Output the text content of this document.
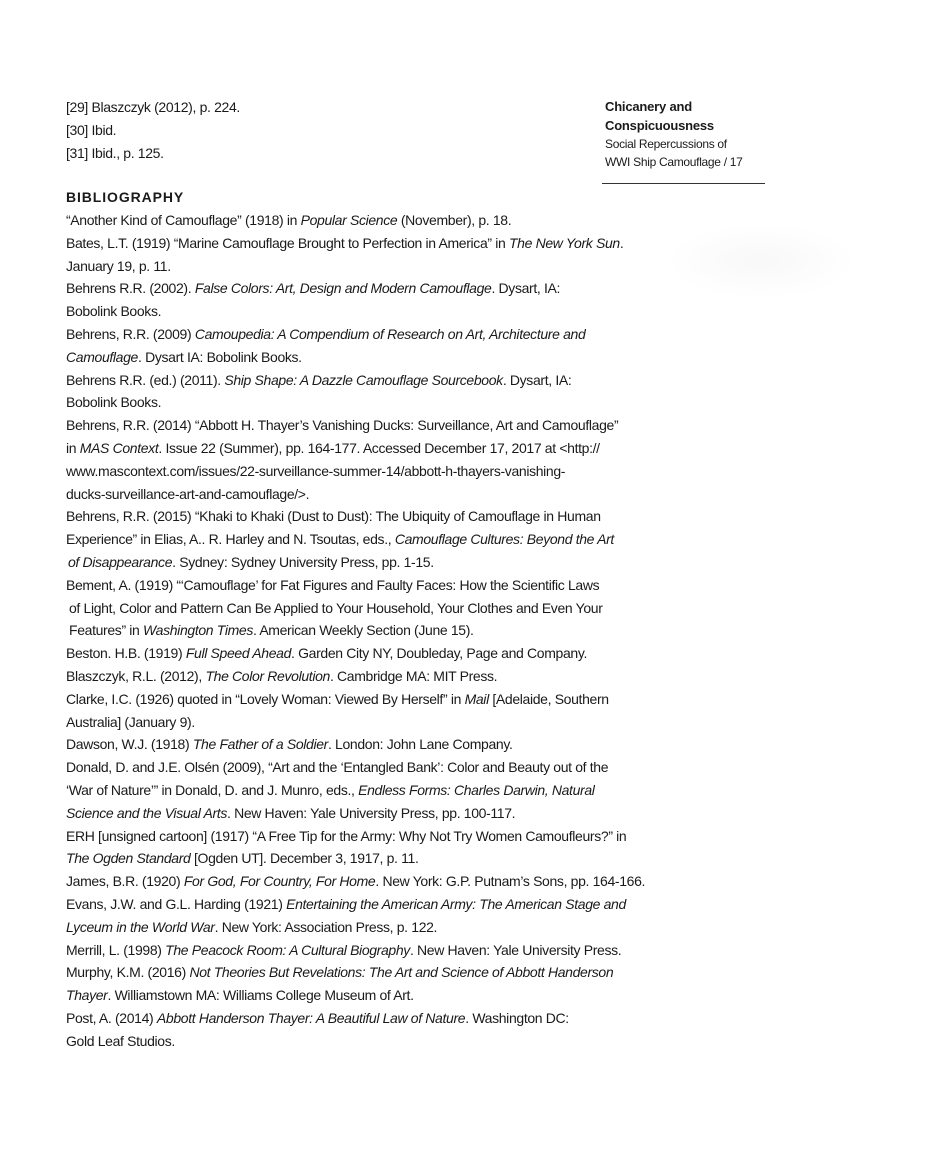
[29] Blaszczyk (2012), p. 224.
[30] Ibid.
[31] Ibid., p. 125.
BIBLIOGRAPHY
“Another Kind of Camouflage” (1918) in Popular Science (November), p. 18.
Bates, L.T. (1919) “Marine Camouflage Brought to Perfection in America” in The New York Sun.
January 19, p. 11.
Behrens R.R. (2002). False Colors: Art, Design and Modern Camouflage. Dysart, IA:
Bobolink Books.
Behrens, R.R. (2009) Camoupedia: A Compendium of Research on Art, Architecture and
Camouflage. Dysart IA: Bobolink Books.
Behrens R.R. (ed.) (2011). Ship Shape: A Dazzle Camouflage Sourcebook. Dysart, IA:
Bobolink Books.
Behrens, R.R. (2014) “Abbott H. Thayer’s Vanishing Ducks: Surveillance, Art and Camouflage”
in MAS Context. Issue 22 (Summer), pp. 164-177. Accessed December 17, 2017 at <http://
www.mascontext.com/issues/22-surveillance-summer-14/abbott-h-thayers-vanishing-
ducks-surveillance-art-and-camouflage/>.
Behrens, R.R. (2015) “Khaki to Khaki (Dust to Dust): The Ubiquity of Camouflage in Human
Experience” in Elias, A.. R. Harley and N. Tsoutas, eds., Camouflage Cultures: Beyond the Art
of Disappearance. Sydney: Sydney University Press, pp. 1-15.
Bement, A. (1919) “‘Camouflage’ for Fat Figures and Faulty Faces: How the Scientific Laws
of Light, Color and Pattern Can Be Applied to Your Household, Your Clothes and Even Your
Features” in Washington Times. American Weekly Section (June 15).
Beston. H.B. (1919) Full Speed Ahead. Garden City NY, Doubleday, Page and Company.
Blaszczyk, R.L. (2012), The Color Revolution. Cambridge MA: MIT Press.
Clarke, I.C. (1926) quoted in “Lovely Woman: Viewed By Herself” in Mail [Adelaide, Southern
Australia] (January 9).
Dawson, W.J. (1918) The Father of a Soldier. London: John Lane Company.
Donald, D. and J.E. Olsén (2009), “Art and the ‘Entangled Bank’: Color and Beauty out of the
‘War of Nature’” in Donald, D. and J. Munro, eds., Endless Forms: Charles Darwin, Natural
Science and the Visual Arts. New Haven: Yale University Press, pp. 100-117.
ERH [unsigned cartoon] (1917) “A Free Tip for the Army: Why Not Try Women Camoufleurs?” in
The Ogden Standard [Ogden UT]. December 3, 1917, p. 11.
James, B.R. (1920) For God, For Country, For Home. New York: G.P. Putnam’s Sons, pp. 164-166.
Evans, J.W. and G.L. Harding (1921) Entertaining the American Army: The American Stage and
Lyceum in the World War. New York: Association Press, p. 122.
Merrill, L. (1998) The Peacock Room: A Cultural Biography. New Haven: Yale University Press.
Murphy, K.M. (2016) Not Theories But Revelations: The Art and Science of Abbott Handerson
Thayer. Williamstown MA: Williams College Museum of Art.
Post, A. (2014) Abbott Handerson Thayer: A Beautiful Law of Nature. Washington DC:
Gold Leaf Studios.
Chicanery and
Conspicuousness
Social Repercussions of
WWI Ship Camouflage / 17
